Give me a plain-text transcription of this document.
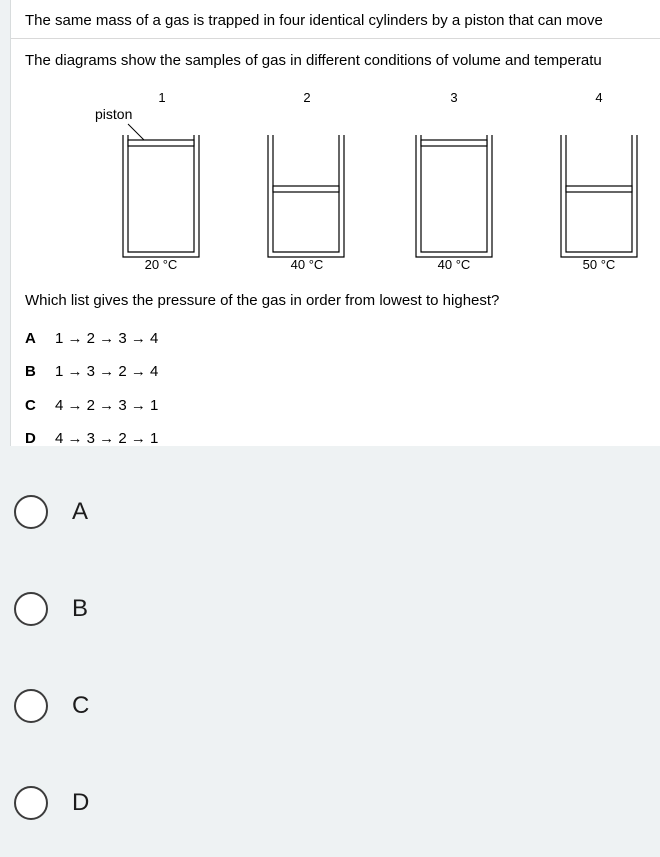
The same mass of a gas is trapped in four identical cylinders by a piston that can move
The diagrams show the samples of gas in different conditions of volume and temperatu
1	2	3	4
piston
20 °C	40 °C	40 °C	50 °C
Which list gives the pressure of the gas in order from lowest to highest?
A 1 → 2 → 3 → 4
B 1 → 3 → 2 → 4
C 4 → 2 → 3 → 1
D 4 → 3 → 2 → 1
A
B
C
D
